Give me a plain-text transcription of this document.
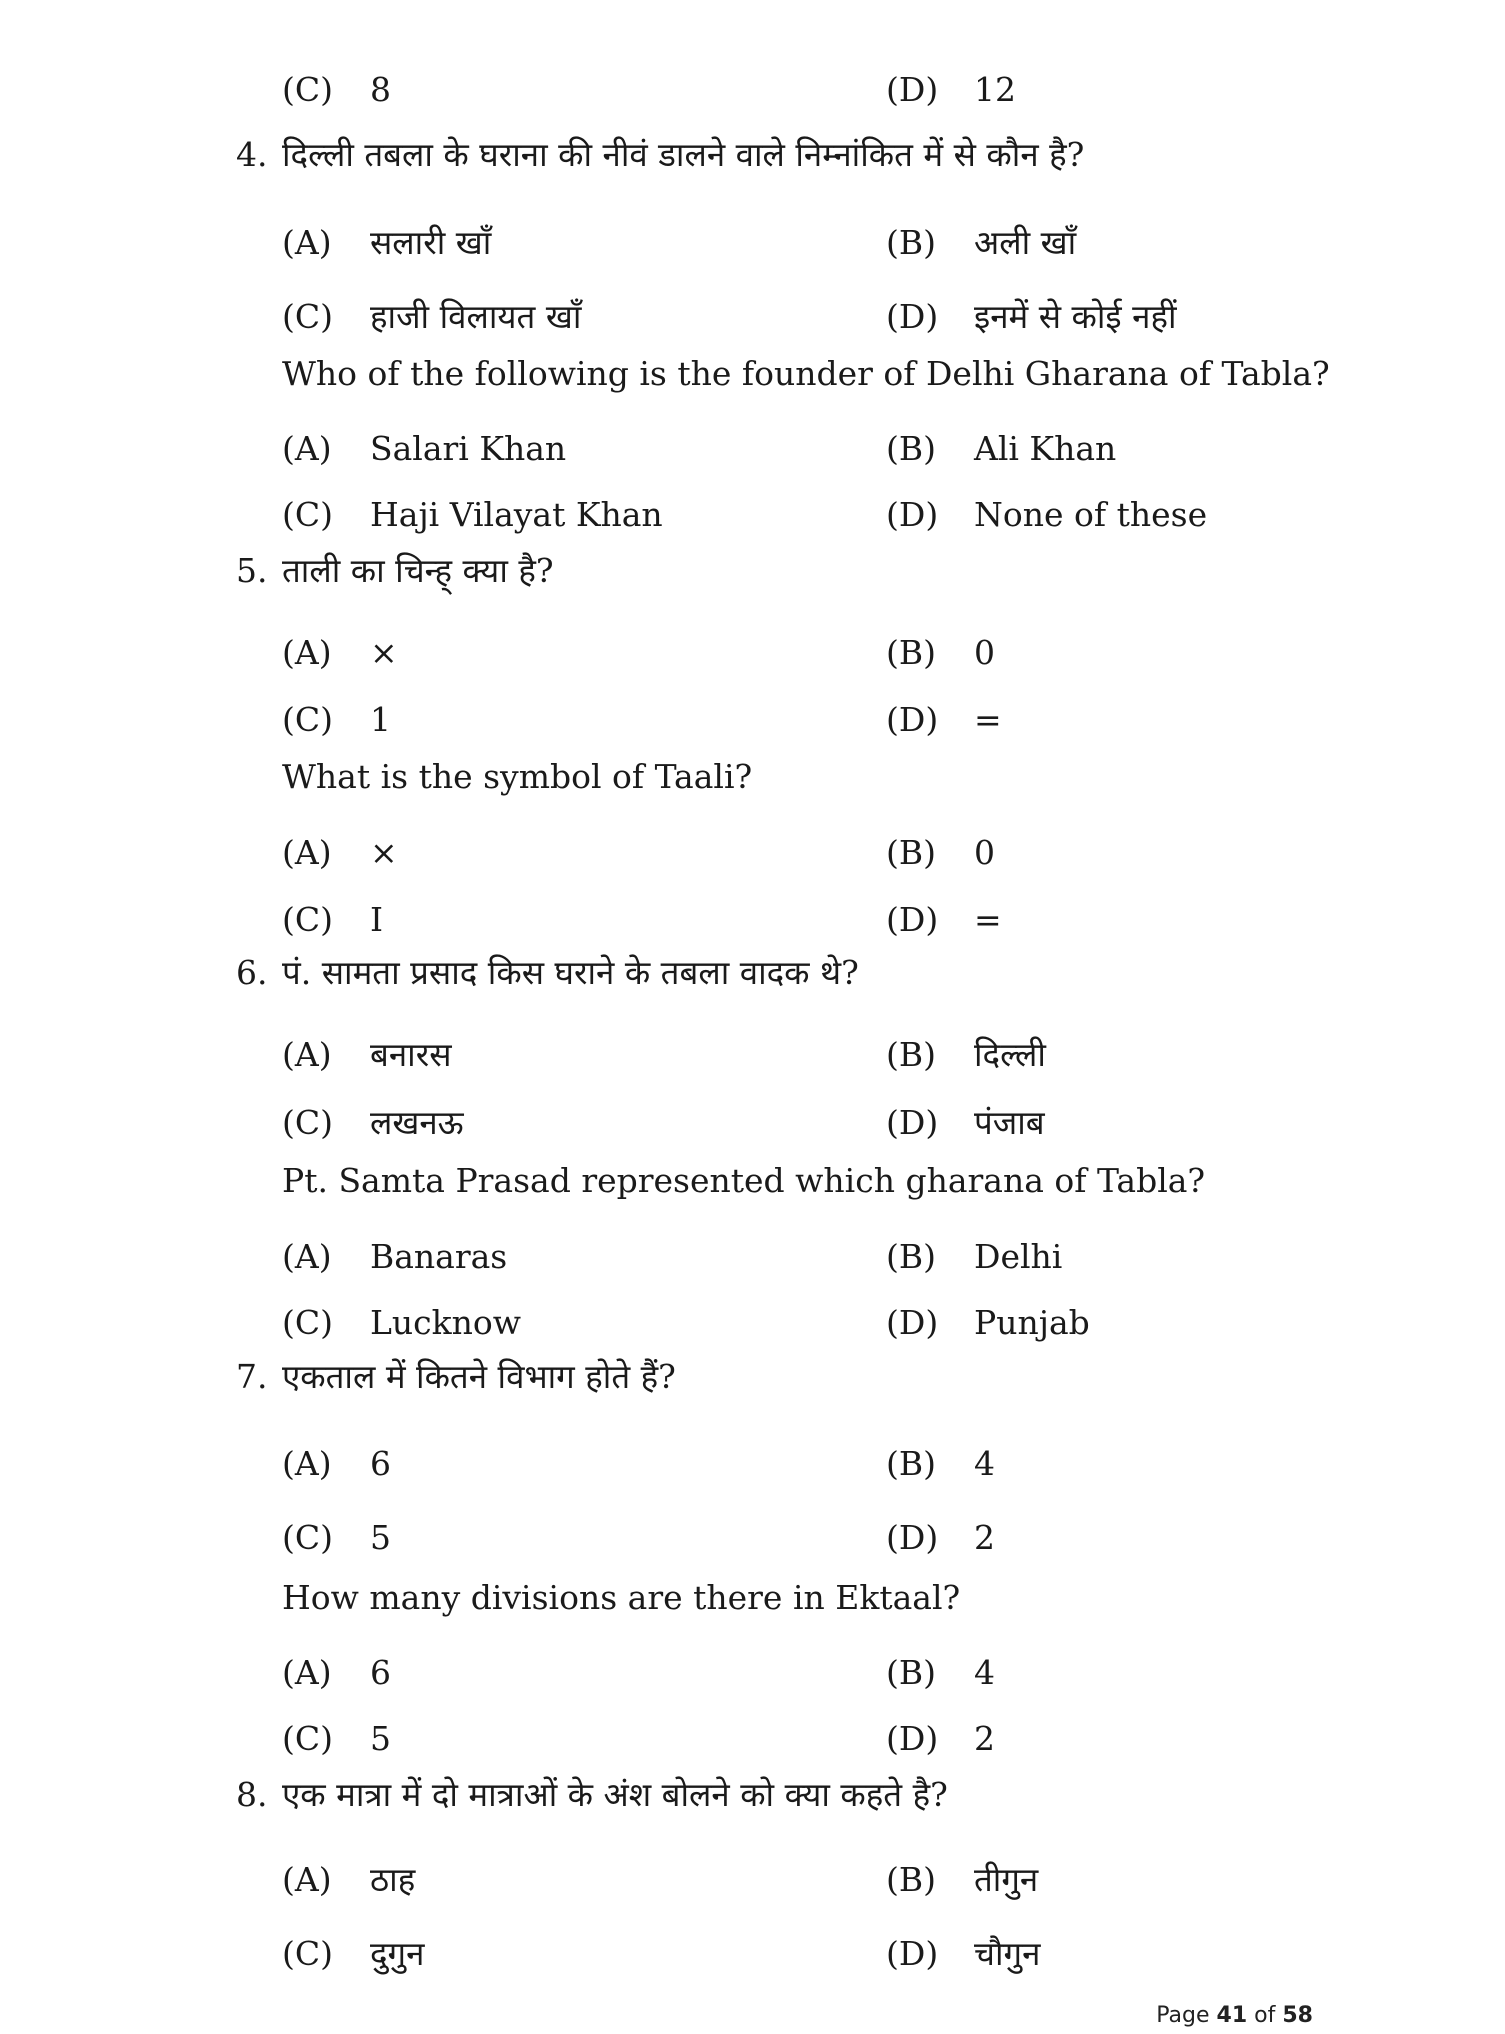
(C)	8	(D)	12
4. दिल्ली तबला के घराना की नीवं डालने वाले निम्नांकित में से कौन है?
(A)	सलारी खाँ	(B)	अली खाँ
(C)	हाजी विलायत खाँ	(D)	इनमें से कोई नहीं
Who of the following is the founder of Delhi Gharana of Tabla?
(A)	Salari Khan	(B)	Ali Khan
(C)	Haji Vilayat Khan	(D)	None of these
5. ताली का चिन्ह् क्या है?
(A)	×	(B)	0
(C)	1	(D)	=
What is the symbol of Taali?
(A)	×	(B)	0
(C)	I	(D)	=
6. पं. सामता प्रसाद किस घराने के तबला वादक थे?
(A)	बनारस	(B)	दिल्ली
(C)	लखनऊ	(D)	पंजाब
Pt. Samta Prasad represented which gharana of Tabla?
(A)	Banaras	(B)	Delhi
(C)	Lucknow	(D)	Punjab
7. एकताल में कितने विभाग होते हैं?
(A)	6	(B)	4
(C)	5	(D)	2
How many divisions are there in Ektaal?
(A)	6	(B)	4
(C)	5	(D)	2
8. एक मात्रा में दो मात्राओं के अंश बोलने को क्या कहते है?
(A)	ठाह	(B)	तीगुन
(C)	दुगुन	(D)	चौगुन
Page 41 of 58
